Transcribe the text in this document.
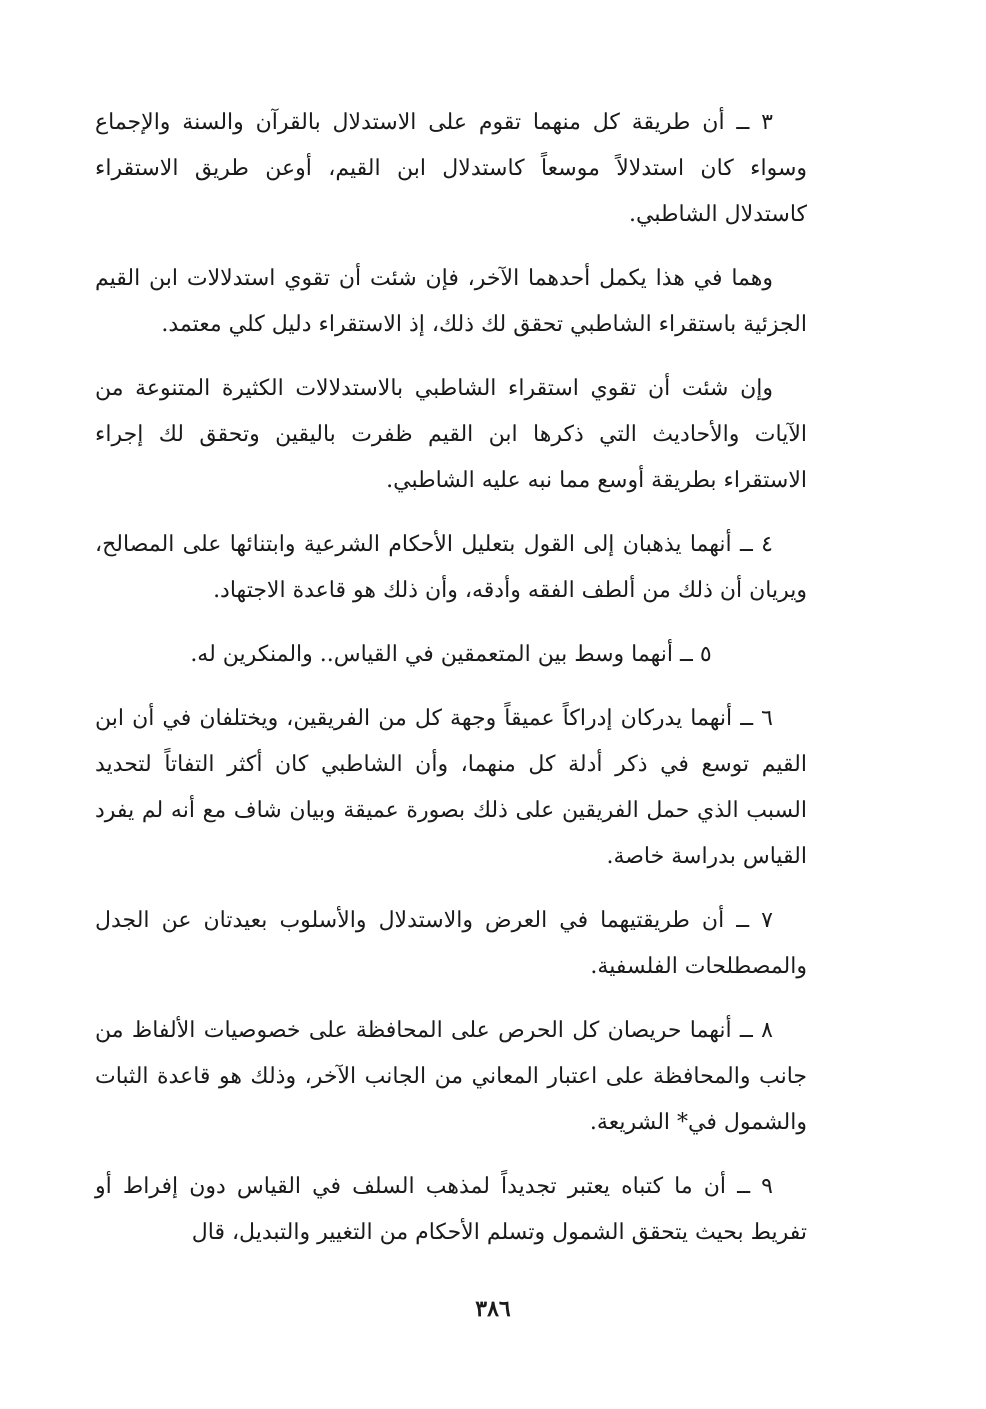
٣ ــ أن طريقة كل منهما تقوم على الاستدلال بالقرآن والسنة والإجماع وسواء كان استدلالاً موسعاً كاستدلال ابن القيم، أوعن طريق الاستقراء كاستدلال الشاطبي.

وهما في هذا يكمل أحدهما الآخر، فإن شئت أن تقوي استدلالات ابن القيم الجزئية باستقراء الشاطبي تحقق لك ذلك، إذ الاستقراء دليل كلي معتمد.

وإن شئت أن تقوي استقراء الشاطبي بالاستدلالات الكثيرة المتنوعة من الآيات والأحاديث التي ذكرها ابن القيم ظفرت باليقين وتحقق لك إجراء الاستقراء بطريقة أوسع مما نبه عليه الشاطبي.

٤ ــ أنهما يذهبان إلى القول بتعليل الأحكام الشرعية وابتنائها على المصالح، ويريان أن ذلك من ألطف الفقه وأدقه، وأن ذلك هو قاعدة الاجتهاد.

٥ ــ أنهما وسط بين المتعمقين في القياس.. والمنكرين له.

٦ ــ أنهما يدركان إدراكاً عميقاً وجهة كل من الفريقين، ويختلفان في أن ابن القيم توسع في ذكر أدلة كل منهما، وأن الشاطبي كان أكثر التفاتاً لتحديد السبب الذي حمل الفريقين على ذلك بصورة عميقة وبيان شاف مع أنه لم يفرد القياس بدراسة خاصة.

٧ ــ أن طريقتيهما في العرض والاستدلال والأسلوب بعيدتان عن الجدل والمصطلحات الفلسفية.

٨ ــ أنهما حريصان كل الحرص على المحافظة على خصوصيات الألفاظ من جانب والمحافظة على اعتبار المعاني من الجانب الآخر، وذلك هو قاعدة الثبات والشمول في* الشريعة.

٩ ــ أن ما كتباه يعتبر تجديداً لمذهب السلف في القياس دون إفراط أو تفريط بحيث يتحقق الشمول وتسلم الأحكام من التغيير والتبديل، قال

٣٨٦
